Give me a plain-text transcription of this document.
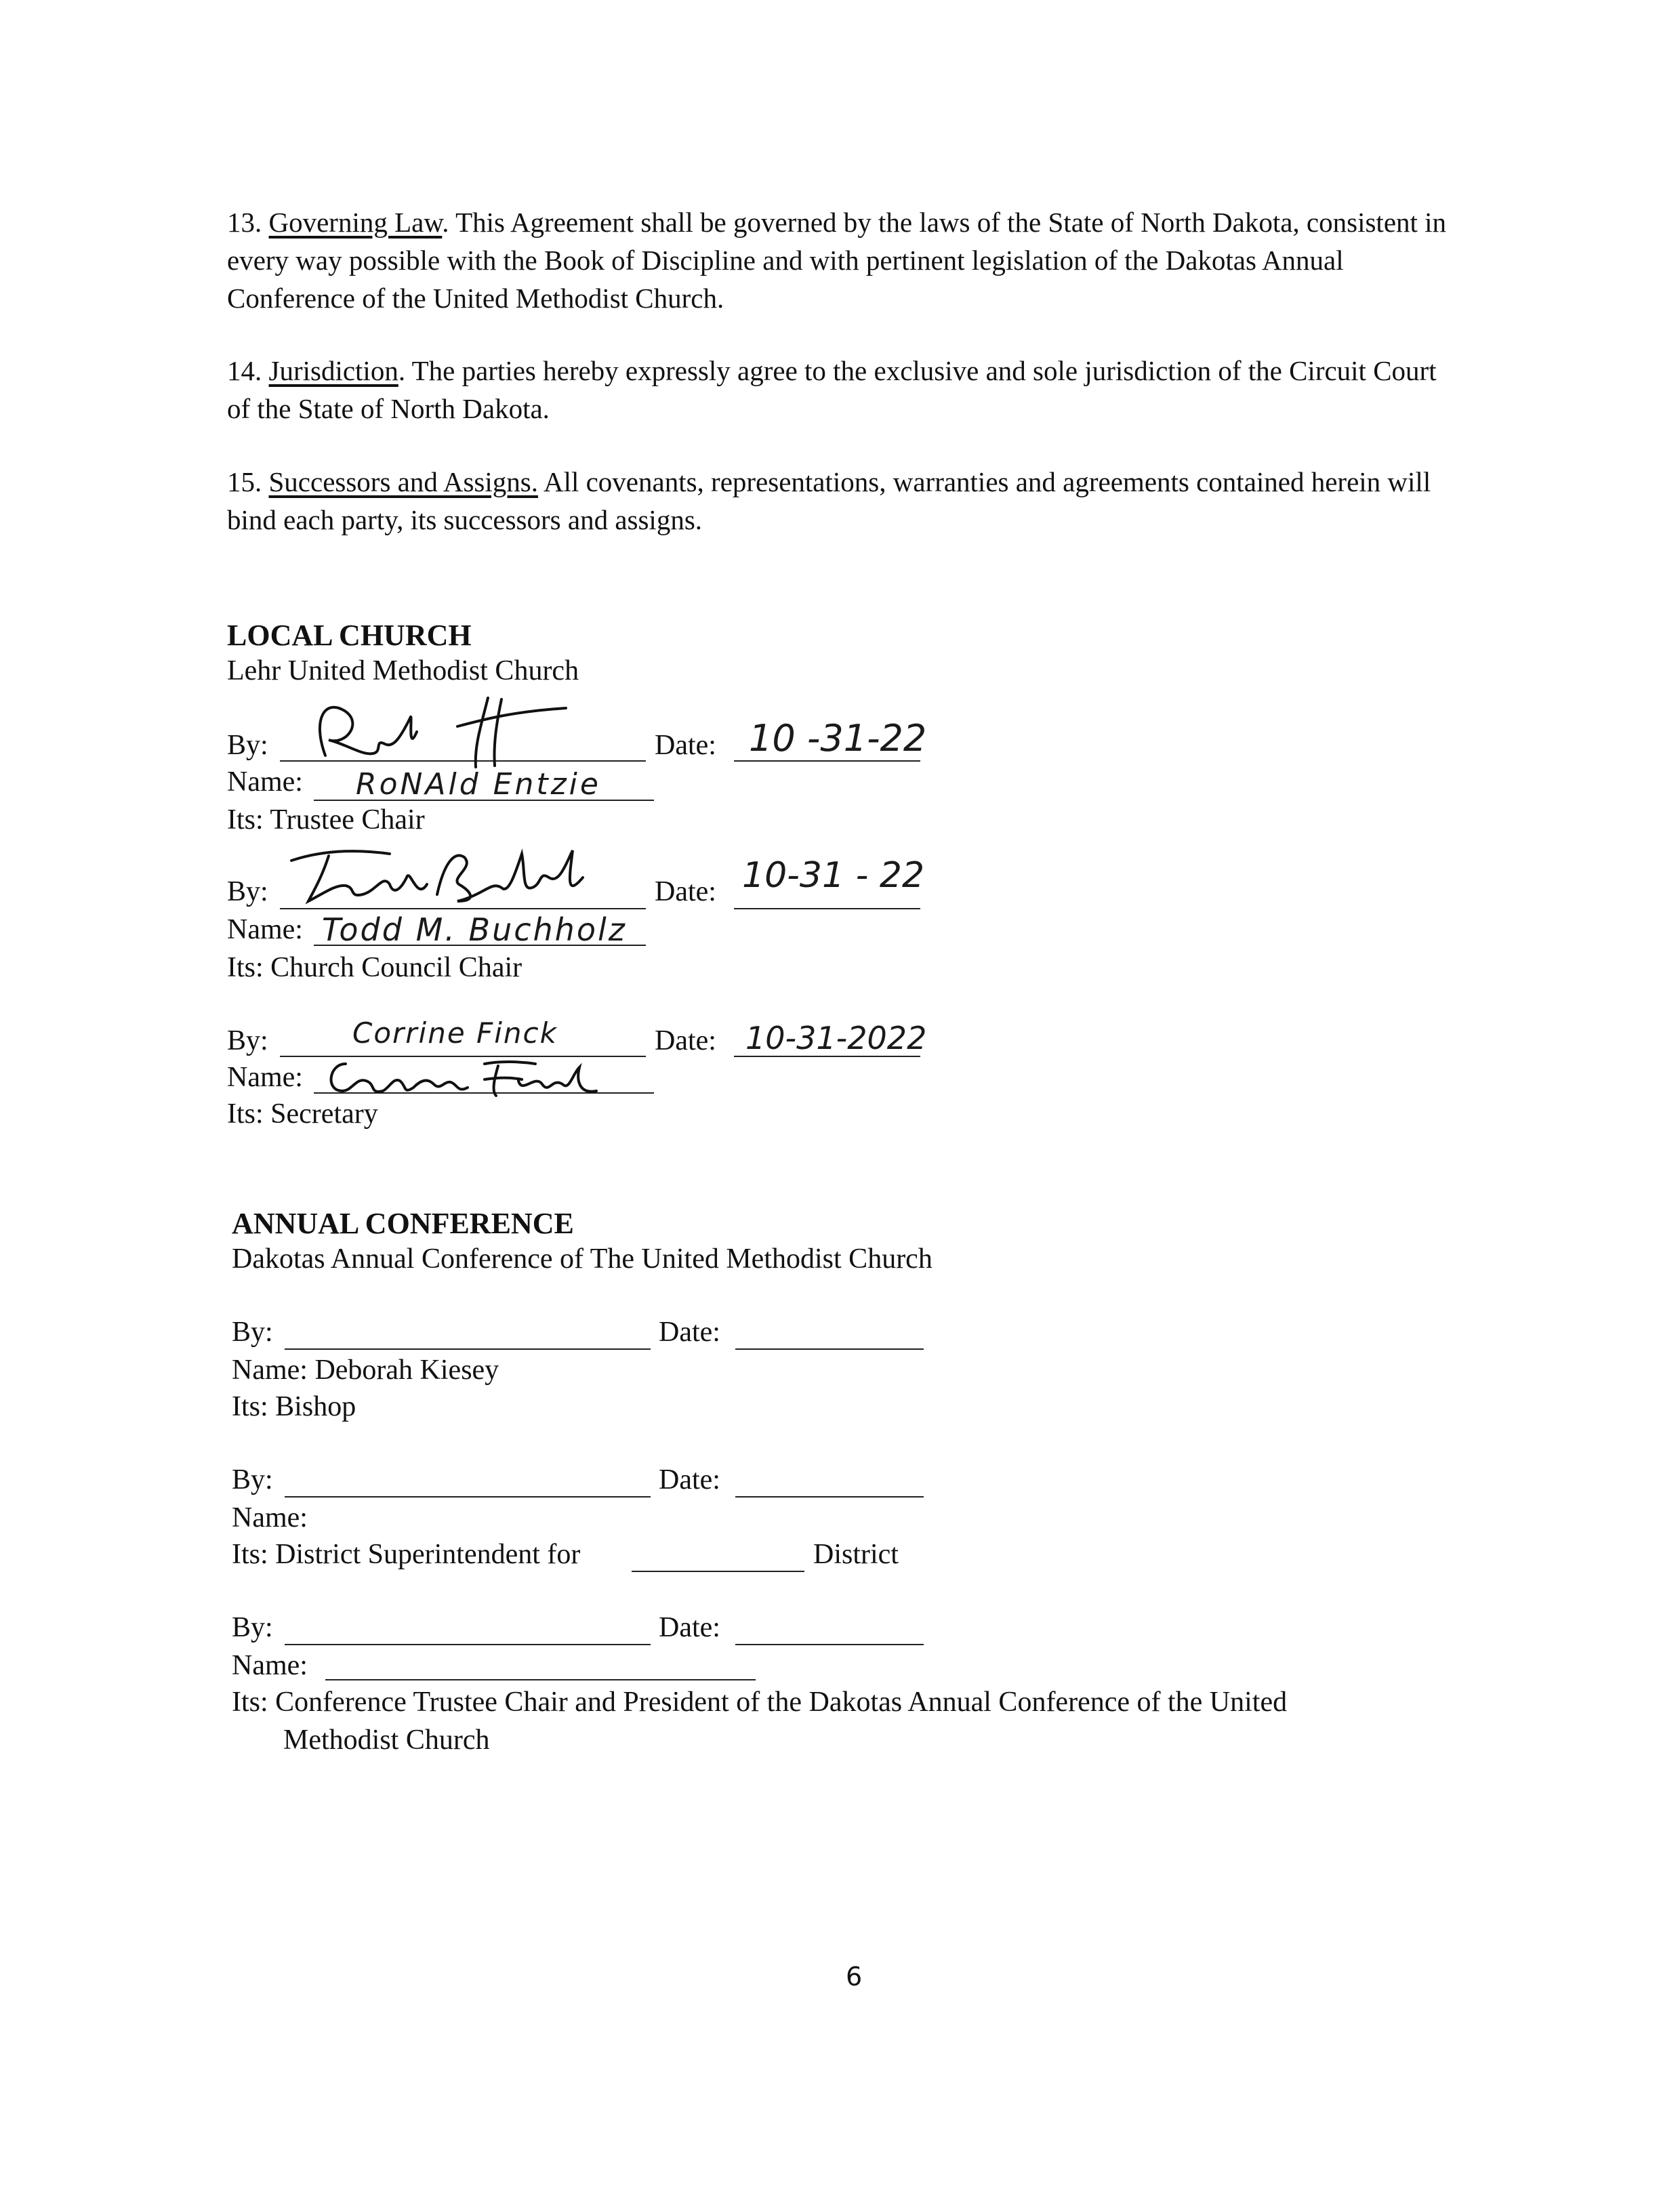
13. Governing Law. This Agreement shall be governed by the laws of the State of North Dakota, consistent in every way possible with the Book of Discipline and with pertinent legislation of the Dakotas Annual Conference of the United Methodist Church.

14. Jurisdiction. The parties hereby expressly agree to the exclusive and sole jurisdiction of the Circuit Court of the State of North Dakota.

15. Successors and Assigns. All covenants, representations, warranties and agreements contained herein will bind each party, its successors and assigns.

LOCAL CHURCH
Lehr United Methodist Church
By:	Date: 10 -31-22
Name: RoNAld Entzie
Its: Trustee Chair
By:	Date: 10-31 - 22
Name: Todd M. Buchholz
Its: Church Council Chair
By:	Corrine Finck	Date: 10-31-2022
Name:
Its: Secretary
ANNUAL CONFERENCE
Dakotas Annual Conference of The United Methodist Church
By:	Date:
Name: Deborah Kiesey
Its: Bishop
By:	Date:
Name:
Its: District Superintendent for	District
By:	Date:
Name:
Its: Conference Trustee Chair and President of the Dakotas Annual Conference of the United
Methodist Church
6
